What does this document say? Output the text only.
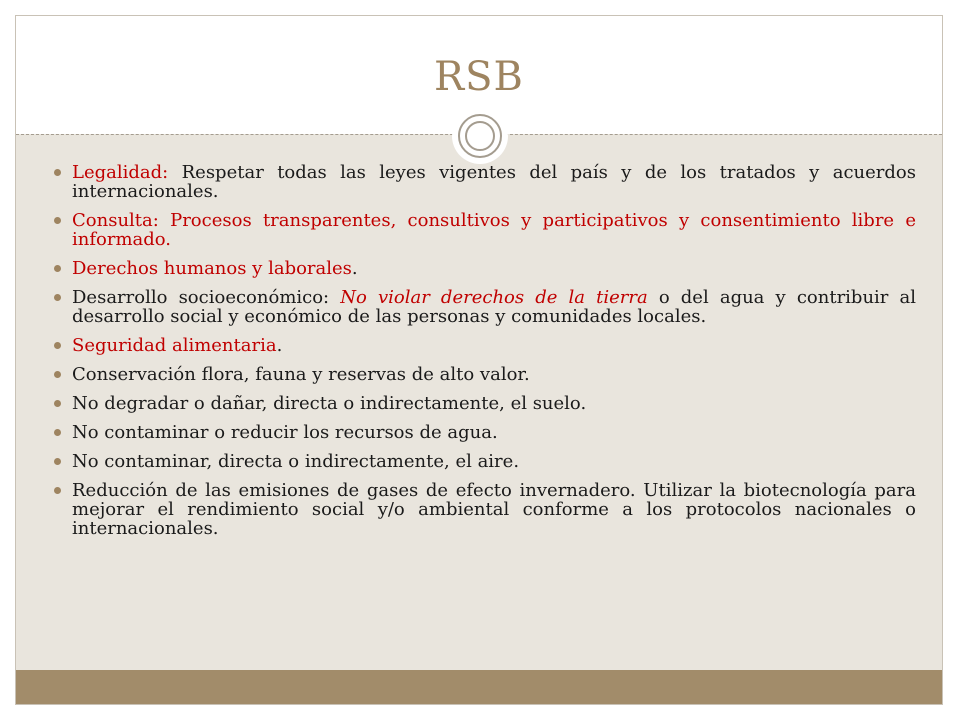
RSB
Legalidad: Respetar todas las leyes vigentes del país y de los tratados y acuerdos internacionales.
Consulta: Procesos transparentes, consultivos y participativos y consentimiento libre e informado.
Derechos humanos y laborales.
Desarrollo socioeconómico: No violar derechos de la tierra o del agua y contribuir al desarrollo social y económico de las personas y comunidades locales.
Seguridad alimentaria.
Conservación flora, fauna y reservas de alto valor.
No degradar o dañar, directa o indirectamente, el suelo.
No contaminar o reducir los recursos de agua.
No contaminar, directa o indirectamente, el aire.
Reducción de las emisiones de gases de efecto invernadero. Utilizar la biotecnología para mejorar el rendimiento social y/o ambiental conforme a los protocolos nacionales o internacionales.
